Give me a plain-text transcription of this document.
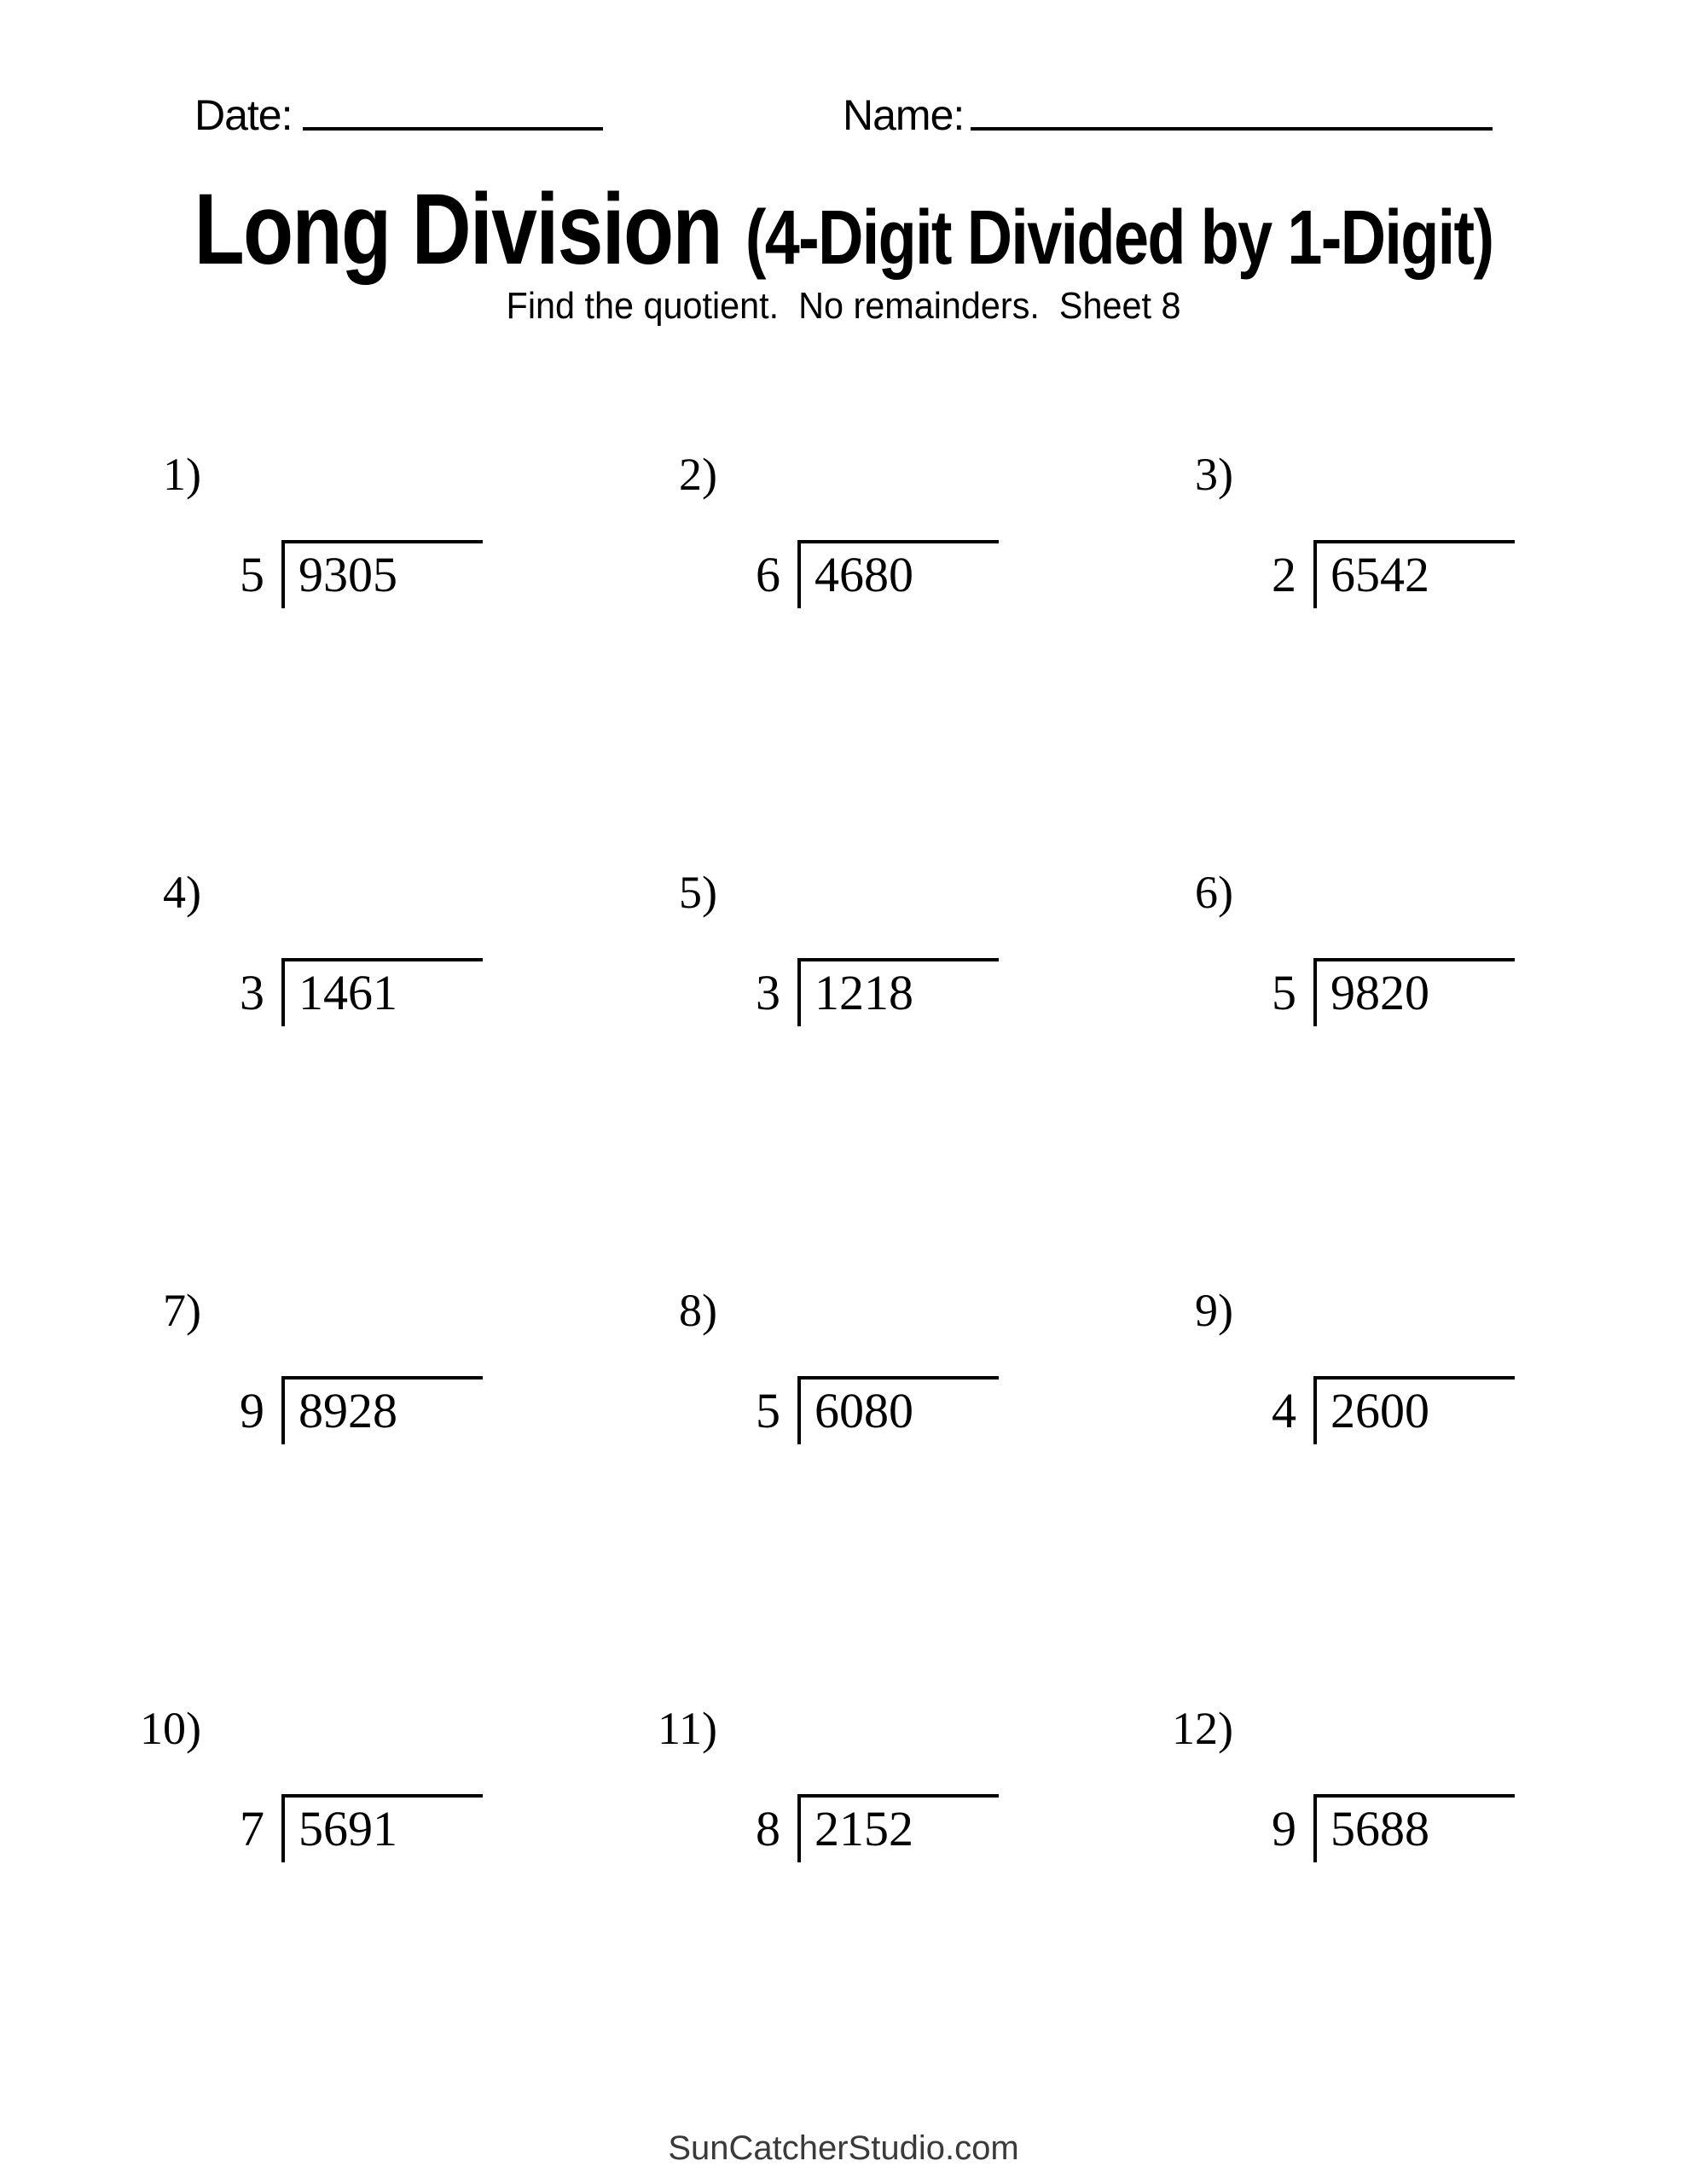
Date:	Name:
Long Division (4-Digit Divided by 1-Digit)
Find the quotient.  No remainders.  Sheet 8
1)
5 9305
2)
6 4680
3)
2 6542
4)
3 1461
5)
3 1218
6)
5 9820
7)
9 8928
8)
5 6080
9)
4 2600
10)
7 5691
11)
8 2152
12)
9 5688
SunCatcherStudio.com
